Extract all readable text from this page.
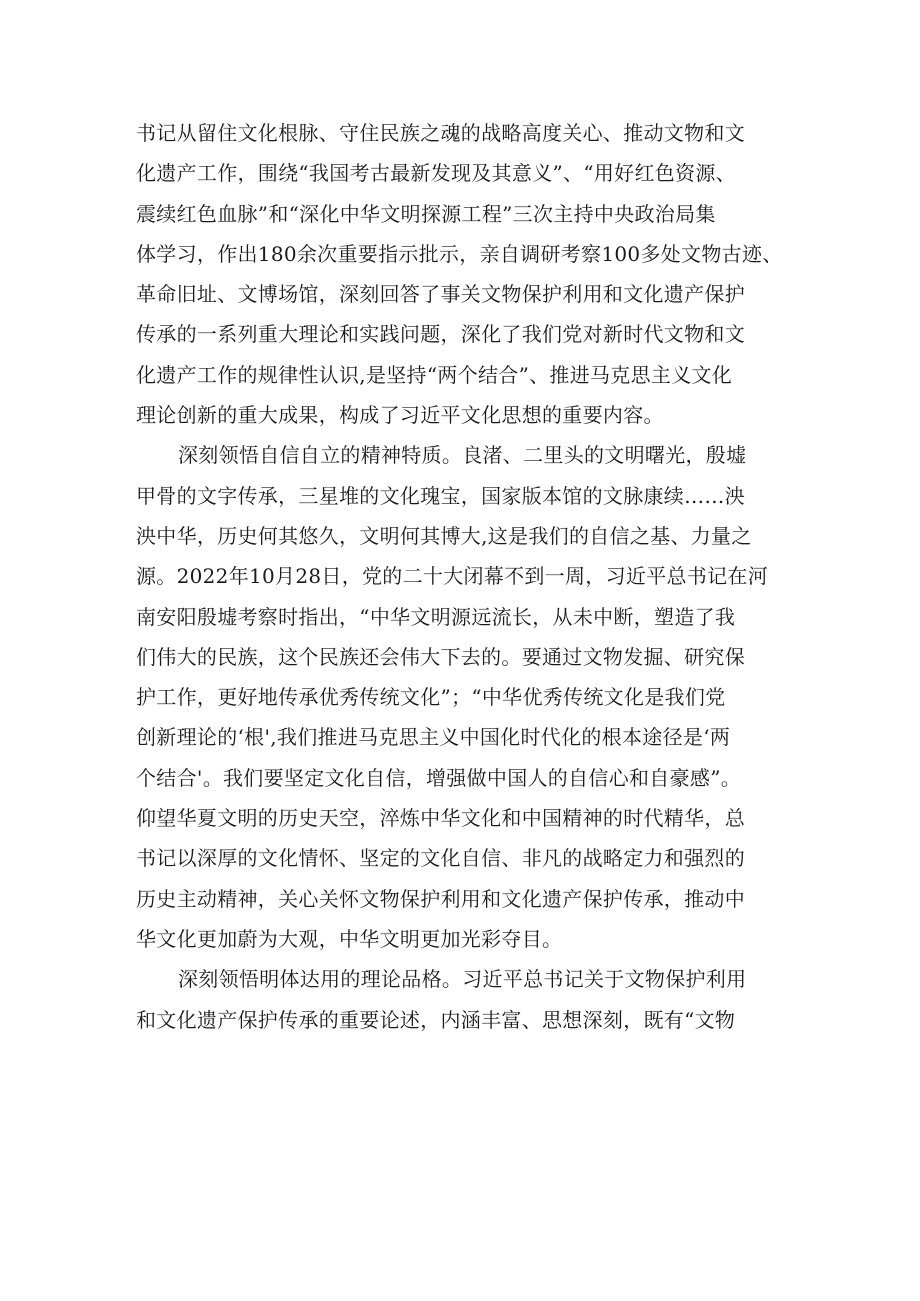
书记从留住文化根脉、守住民族之魂的战略高度关心、推动文物和文
化遗产工作，围绕“我国考古最新发现及其意义”、“用好红色资源、
震续红色血脉”和“深化中华文明探源工程”三次主持中央政治局集
体学习，作出180余次重要指示批示，亲自调研考察100多处文物古迹、
革命旧址、文博场馆，深刻回答了事关文物保护利用和文化遗产保护
传承的一系列重大理论和实践问题，深化了我们党对新时代文物和文
化遗产工作的规律性认识,是坚持“两个结合”、推进马克思主义文化
理论创新的重大成果，构成了习近平文化思想的重要内容。
深刻领悟自信自立的精神特质。良渚、二里头的文明曙光，殷墟
甲骨的文字传承，三星堆的文化瑰宝，国家版本馆的文脉康续……泱
泱中华，历史何其悠久，文明何其博大,这是我们的自信之基、力量之
源。2022年10月28日，党的二十大闭幕不到一周，习近平总书记在河
南安阳殷墟考察时指出，“中华文明源远流长，从未中断，塑造了我
们伟大的民族，这个民族还会伟大下去的。要通过文物发掘、研究保
护工作，更好地传承优秀传统文化”；“中华优秀传统文化是我们党
创新理论的‘根',我们推进马克思主义中国化时代化的根本途径是‘两
个结合'。我们要坚定文化自信，增强做中国人的自信心和自豪感”。
仰望华夏文明的历史天空，淬炼中华文化和中国精神的时代精华，总
书记以深厚的文化情怀、坚定的文化自信、非凡的战略定力和强烈的
历史主动精神，关心关怀文物保护利用和文化遗产保护传承，推动中
华文化更加蔚为大观，中华文明更加光彩夺目。
深刻领悟明体达用的理论品格。习近平总书记关于文物保护利用
和文化遗产保护传承的重要论述，内涵丰富、思想深刻，既有“文物
